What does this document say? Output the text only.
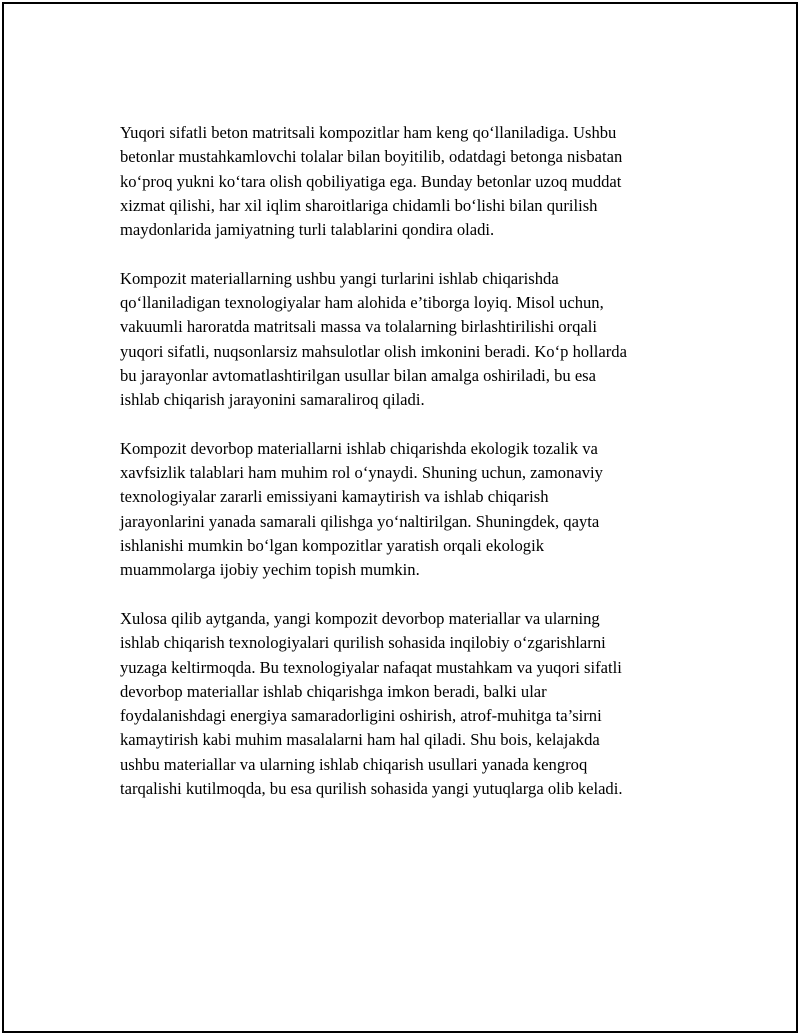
Yuqori sifatli beton matritsali kompozitlar ham keng qo‘llaniladiga. Ushbu
betonlar mustahkamlovchi tolalar bilan boyitilib, odatdagi betonga nisbatan
ko‘proq yukni ko‘tara olish qobiliyatiga ega. Bunday betonlar uzoq muddat
xizmat qilishi, har xil iqlim sharoitlariga chidamli bo‘lishi bilan qurilish
maydonlarida jamiyatning turli talablarini qondira oladi.

Kompozit materiallarning ushbu yangi turlarini ishlab chiqarishda
qo‘llaniladigan texnologiyalar ham alohida e’tiborga loyiq. Misol uchun,
vakuumli haroratda matritsali massa va tolalarning birlashtirilishi orqali
yuqori sifatli, nuqsonlarsiz mahsulotlar olish imkonini beradi. Ko‘p hollarda
bu jarayonlar avtomatlashtirilgan usullar bilan amalga oshiriladi, bu esa
ishlab chiqarish jarayonini samaraliroq qiladi.

Kompozit devorbop materiallarni ishlab chiqarishda ekologik tozalik va
xavfsizlik talablari ham muhim rol o‘ynaydi. Shuning uchun, zamonaviy
texnologiyalar zararli emissiyani kamaytirish va ishlab chiqarish
jarayonlarini yanada samarali qilishga yo‘naltirilgan. Shuningdek, qayta
ishlanishi mumkin bo‘lgan kompozitlar yaratish orqali ekologik
muammolarga ijobiy yechim topish mumkin.

Xulosa qilib aytganda, yangi kompozit devorbop materiallar va ularning
ishlab chiqarish texnologiyalari qurilish sohasida inqilobiy o‘zgarishlarni
yuzaga keltirmoqda. Bu texnologiyalar nafaqat mustahkam va yuqori sifatli
devorbop materiallar ishlab chiqarishga imkon beradi, balki ular
foydalanishdagi energiya samaradorligini oshirish, atrof-muhitga ta’sirni
kamaytirish kabi muhim masalalarni ham hal qiladi. Shu bois, kelajakda
ushbu materiallar va ularning ishlab chiqarish usullari yanada kengroq
tarqalishi kutilmoqda, bu esa qurilish sohasida yangi yutuqlarga olib keladi.
